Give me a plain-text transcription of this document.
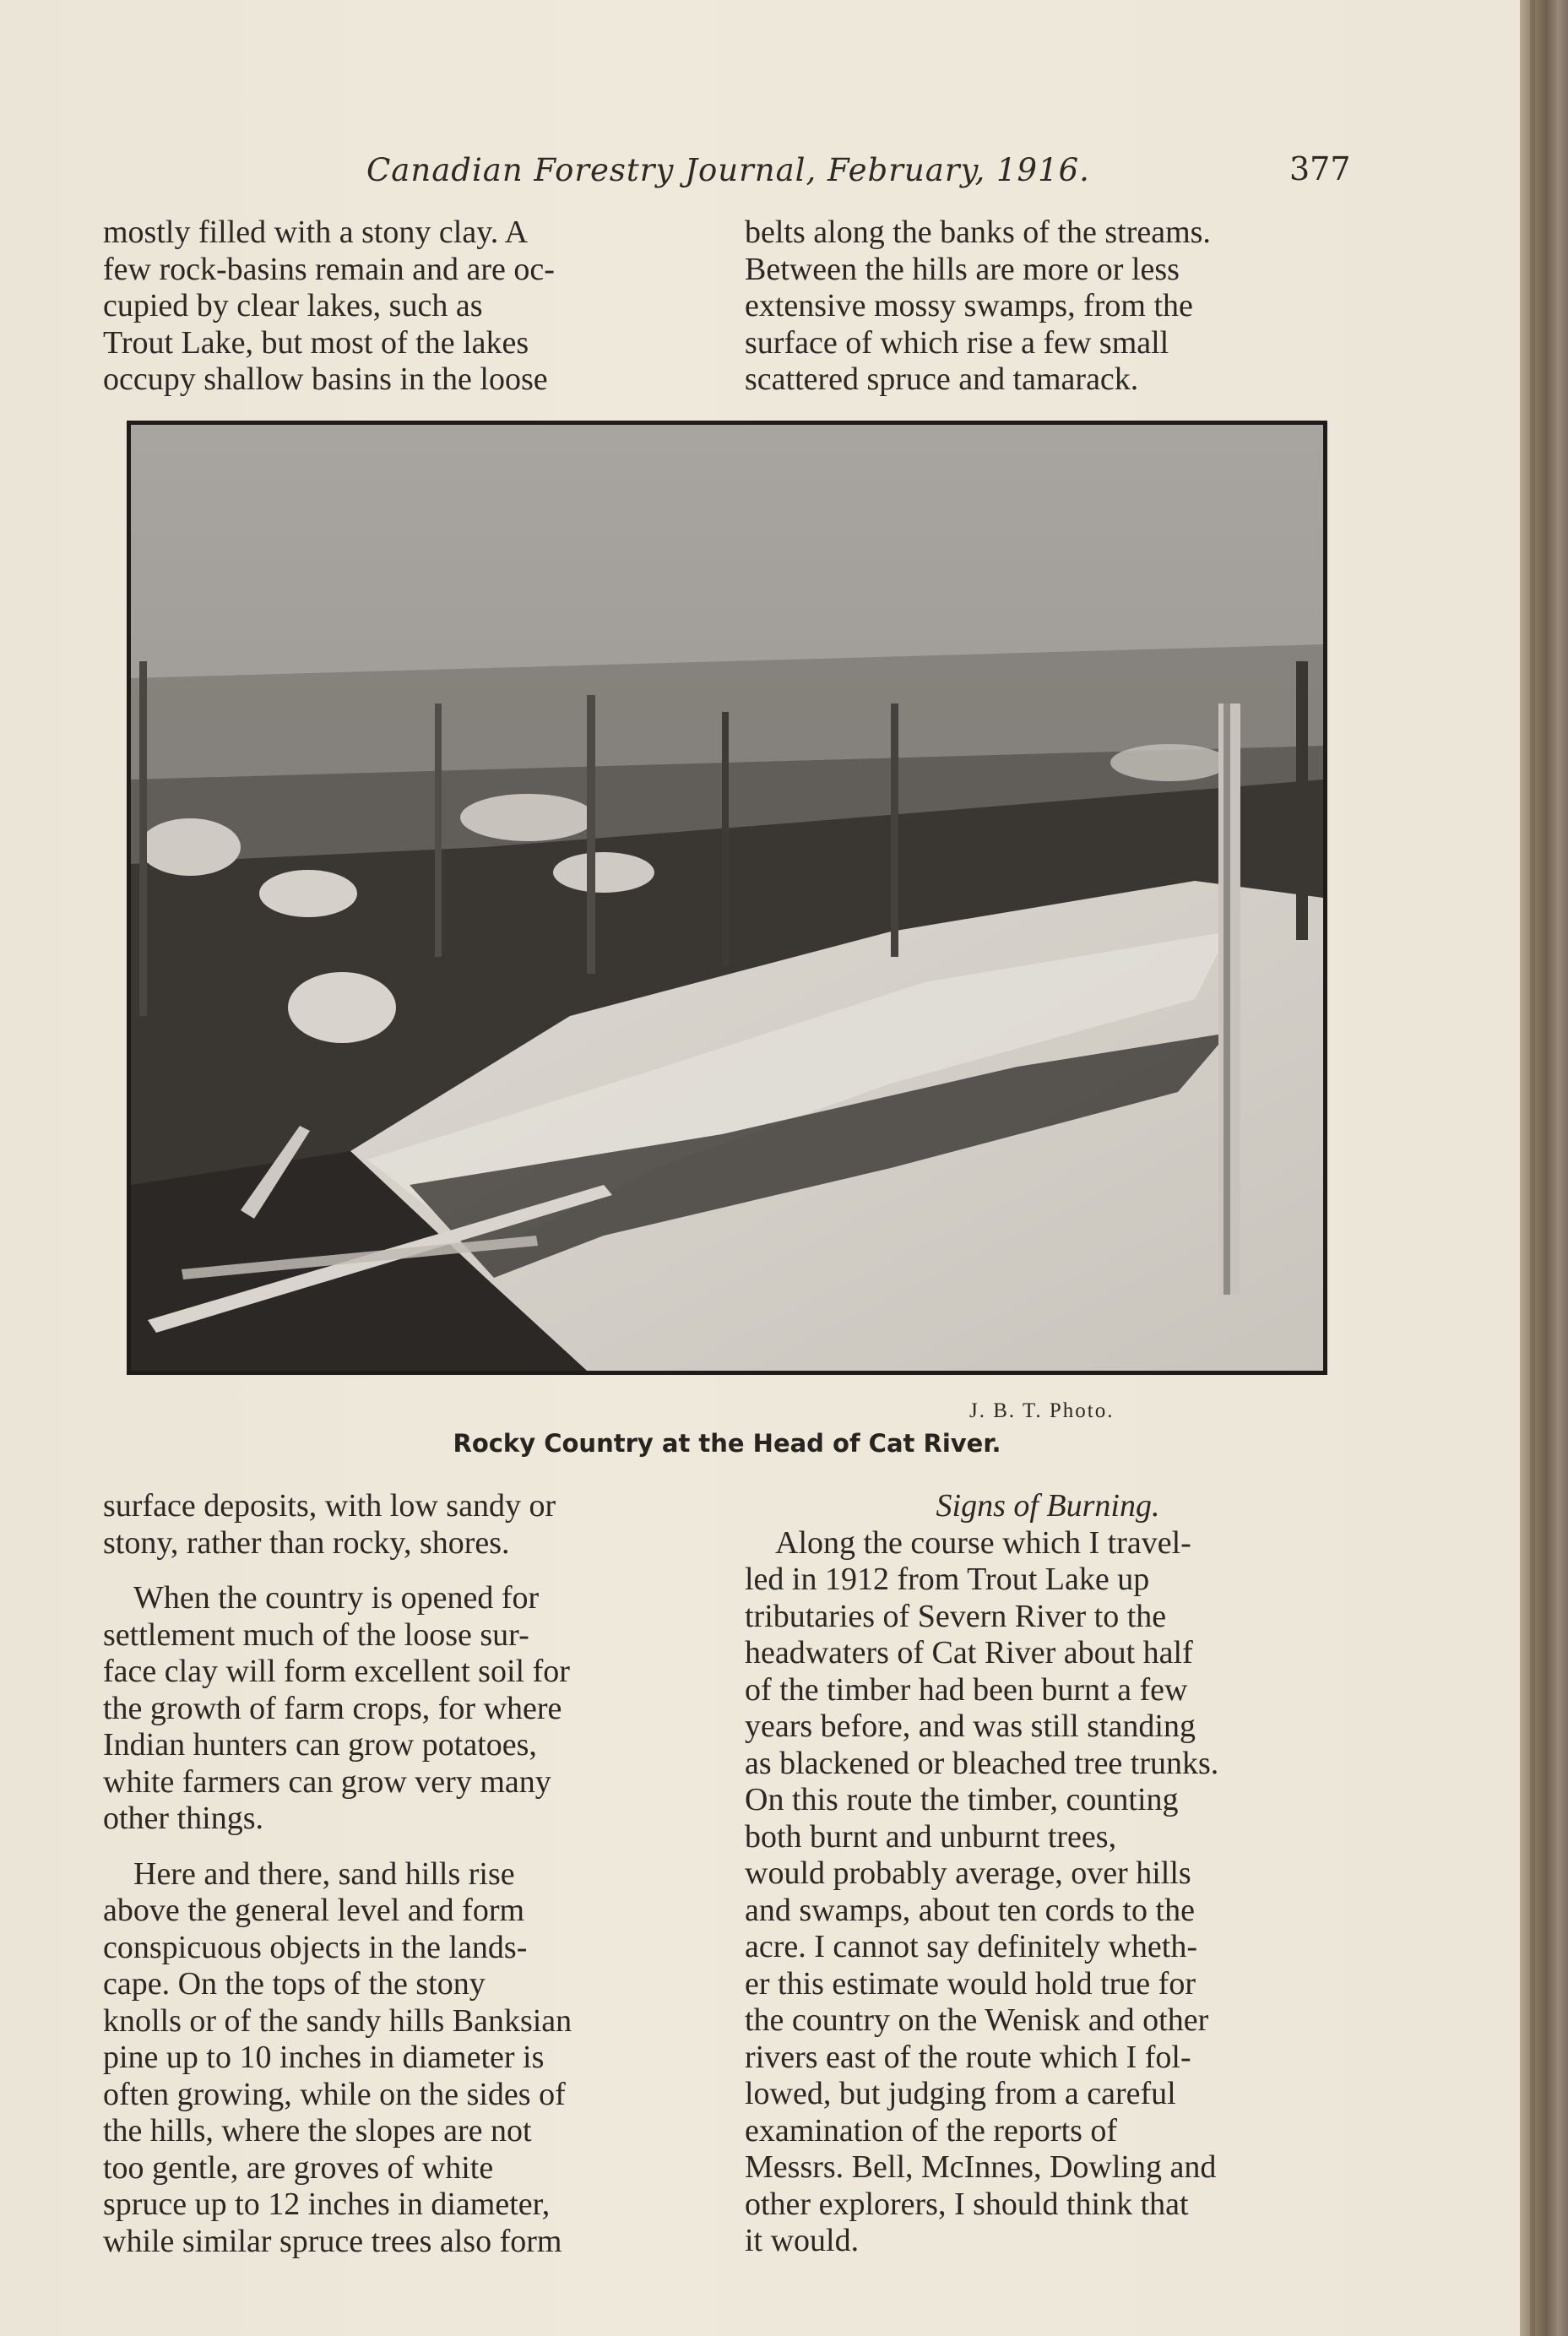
Canadian Forestry Journal, February, 1916.	377

mostly filled with a stony clay. A

few rock-basins remain and are oc-

cupied by clear lakes, such as

Trout Lake, but most of the lakes

occupy shallow basins in the loose

belts along the banks of the streams.

Between the hills are more or less

extensive mossy swamps, from the

surface of which rise a few small

scattered spruce and tamarack.

J. B. T. Photo.
Rocky Country at the Head of Cat River.

surface deposits, with low sandy or

stony, rather than rocky, shores.

When the country is opened for

settlement much of the loose sur-

face clay will form excellent soil for

the growth of farm crops, for where

Indian hunters can grow potatoes,

white farmers can grow very many

other things.

Here and there, sand hills rise

above the general level and form

conspicuous objects in the lands-

cape. On the tops of the stony

knolls or of the sandy hills Banksian

pine up to 10 inches in diameter is

often growing, while on the sides of

the hills, where the slopes are not

too gentle, are groves of white

spruce up to 12 inches in diameter,

while similar spruce trees also form

Signs of Burning.

Along the course which I travel-

led in 1912 from Trout Lake up

tributaries of Severn River to the

headwaters of Cat River about half

of the timber had been burnt a few

years before, and was still standing

as blackened or bleached tree trunks.

On this route the timber, counting

both burnt and unburnt trees,

would probably average, over hills

and swamps, about ten cords to the

acre. I cannot say definitely wheth-

er this estimate would hold true for

the country on the Wenisk and other

rivers east of the route which I fol-

lowed, but judging from a careful

examination of the reports of

Messrs. Bell, McInnes, Dowling and

other explorers, I should think that

it would.
